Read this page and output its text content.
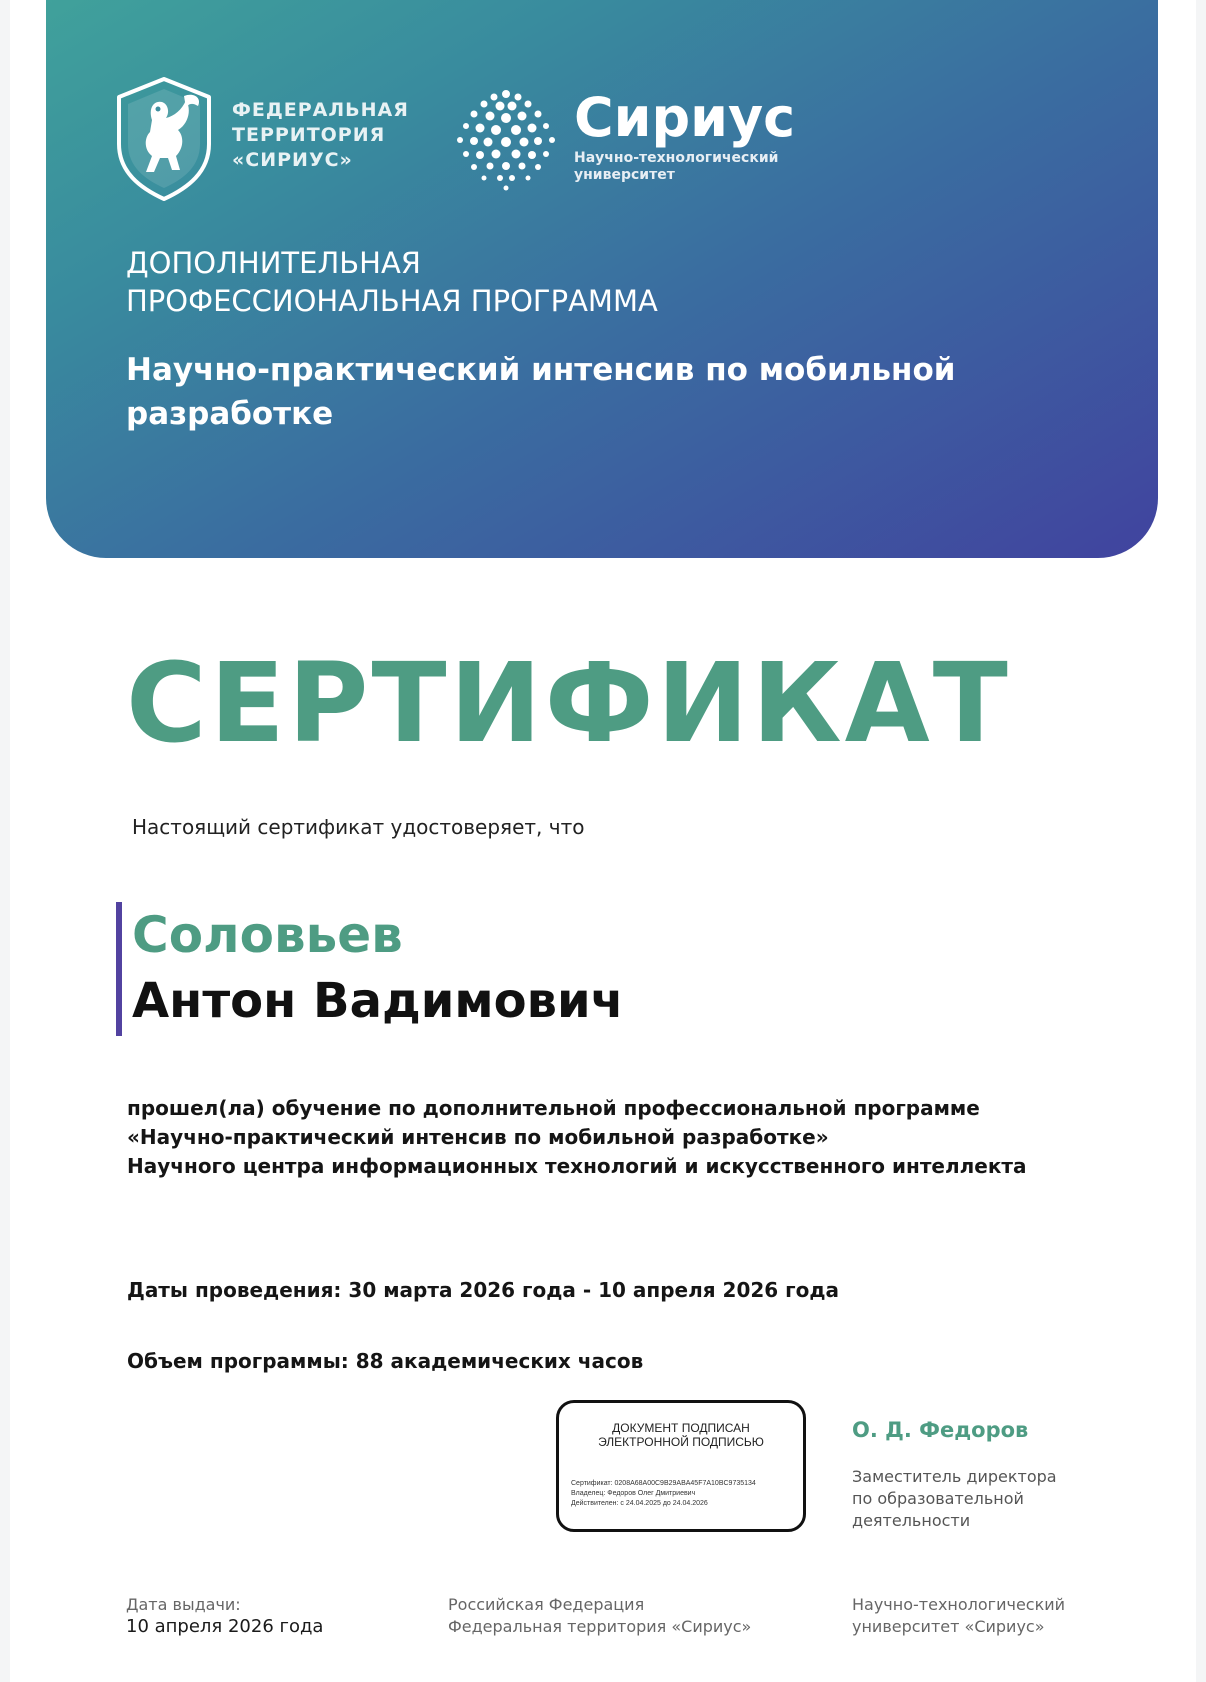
ФЕДЕРАЛЬНАЯ
ТЕРРИТОРИЯ
«СИРИУС»
Сириус
Научно-технологический
университет
ДОПОЛНИТЕЛЬНАЯ
ПРОФЕССИОНАЛЬНАЯ ПРОГРАММА
Научно-практический интенсив по мобильной разработке
СЕРТИФИКАТ
Настоящий сертификат удостоверяет, что
Соловьев
Антон Вадимович
прошел(ла) обучение по дополнительной профессиональной программе
«Научно-практический интенсив по мобильной разработке»
Научного центра информационных технологий и искусственного интеллекта
Даты проведения: 30 марта 2026 года - 10 апреля 2026 года
Объем программы: 88 академических часов
ДОКУМЕНТ ПОДПИСАН
ЭЛЕКТРОННОЙ ПОДПИСЬЮ
Сертификат: 0208A68A00C9B29ABA45F7A10BC9735134
Владелец: Федоров Олег Дмитриевич
Действителен: с 24.04.2025 до 24.04.2026
О. Д. Федоров
Заместитель директора
по образовательной
деятельности
Дата выдачи:
10 апреля 2026 года
Российская Федерация
Федеральная территория «Сириус»
Научно-технологический
университет «Сириус»
